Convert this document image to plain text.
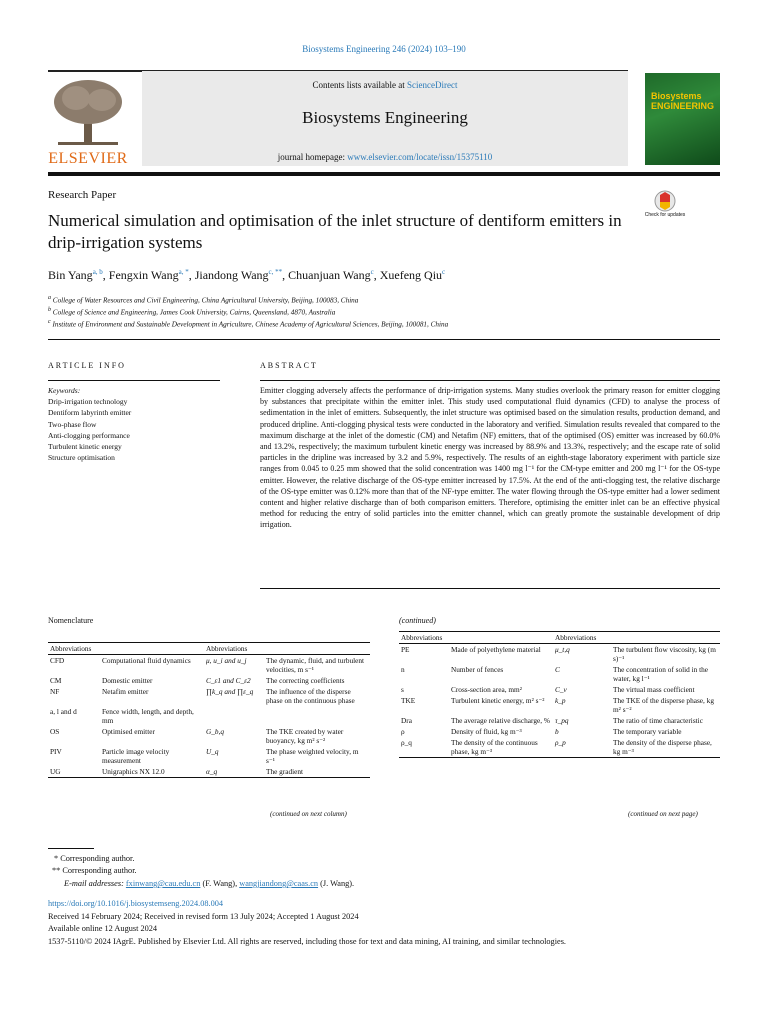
Biosystems Engineering 246 (2024) 103–190
ELSEVIER
Contents lists available at ScienceDirect
Biosystems Engineering
journal homepage: www.elsevier.com/locate/issn/15375110
Biosystems ENGINEERING
Research Paper
Numerical simulation and optimisation of the inlet structure of dentiform emitters in drip-irrigation systems
Check for updates
Bin Yang$^{a, b}$, Fengxin Wang$^{a, *}$, Jiandong Wang$^{c, **}$, Chuanjuan Wang$^c$, Xuefeng Qiu$^c$
$^a$ College of Water Resources and Civil Engineering, China Agricultural University, Beijing, 100083, China
$^b$ College of Science and Engineering, James Cook University, Cairns, Queensland, 4870, Australia
$^c$ Institute of Environment and Sustainable Development in Agriculture, Chinese Academy of Agricultural Sciences, Beijing, 100081, China
ARTICLE INFO	ABSTRACT
Keywords:
Drip-irrigation technology
Dentiform labyrinth emitter
Two-phase flow
Anti-clogging performance
Turbulent kinetic energy
Structure optimisation
Emitter clogging adversely affects the performance of drip-irrigation systems. Many studies overlook the primary reason for emitter clogging by substances that precipitate within the emitter inlet. This study used computational fluid dynamics (CFD) to analyse the process of sedimentation in the inlet of emitters. Subsequently, the inlet structure was optimised based on the simulation results, production demand, and produced dripline. Anti-clogging physical tests were conducted in the laboratory and verified. Simulation results revealed that compared to the maximum discharge at the inlet of the domestic (CM) and Netafim (NF) emitters, that of the optimised (OS) emitter was increased by 60.0% and 13.2%, respectively; the maximum turbulent kinetic energy was increased by 88.9% and 13.3%, respectively; and the escape rate of solid particles in the dripline was increased by 3.2 and 5.9%, respectively. The results of an eighth-stage laboratory experiment with particle size ranges from 0.045 to 0.25 mm showed that the solid concentration was 1400 mg l⁻¹ for the CM-type emitter and 200 mg l⁻¹ for the OS-type emitter. However, the relative discharge of the OS-type emitter increased by 17.5%. At the end of the anti-clogging test, the relative discharge of the OS-type emitter was 0.12% more than that of the NF-type emitter. The water flowing through the OS-type emitter had a lower sediment content and higher relative discharge than of both comparison emitters. Therefore, optimising the emitter inlet can be an effective physical method for reducing the entry of solid particles into the emitter channel, which can greatly promote the sustainable development of drip irrigation.
Nomenclature	(continued)
Abbreviations		Abbreviations	
CFD	Computational fluid dynamics	μ, u_i and u_j	The dynamic, fluid, and turbulent velocities, m s⁻¹
CM	Domestic emitter	C_ε1 and C_ε2	The correcting coefficients
NF	Netafim emitter	∏k_q and ∏ε_q	The influence of the disperse phase on the continuous phase
a, l and d	Fence width, length, and depth, mm		
OS	Optimised emitter	G_b,q	The TKE created by water buoyancy, kg m² s⁻²
PIV	Particle image velocity measurement	U_q	The phase weighted velocity, m s⁻¹
UG	Unigraphics NX 12.0	α_q	The gradient
(continued on next column)
Abbreviations		Abbreviations	
PE	Made of polyethylene material	μ_t,q	The turbulent flow viscosity, kg (m s)⁻¹
n	Number of fences	C	The concentration of solid in the water, kg l⁻¹
s	Cross-section area, mm²	C_v	The virtual mass coefficient
TKE	Turbulent kinetic energy, m² s⁻²	k_p	The TKE of the disperse phase, kg m² s⁻²
Dra	The average relative discharge, %	τ_pq	The ratio of time characteristic
ρ	Density of fluid, kg m⁻³	b	The temporary variable
ρ_q	The density of the continuous phase, kg m⁻³	ρ_p	The density of the disperse phase, kg m⁻³
(continued on next page)
* Corresponding author.
** Corresponding author.
E-mail addresses: fxinwang@cau.edu.cn (F. Wang), wangjiandong@caas.cn (J. Wang).
https://doi.org/10.1016/j.biosystemseng.2024.08.004
Received 14 February 2024; Received in revised form 13 July 2024; Accepted 1 August 2024
Available online 12 August 2024
1537-5110/© 2024 IAgrE. Published by Elsevier Ltd. All rights are reserved, including those for text and data mining, AI training, and similar technologies.
